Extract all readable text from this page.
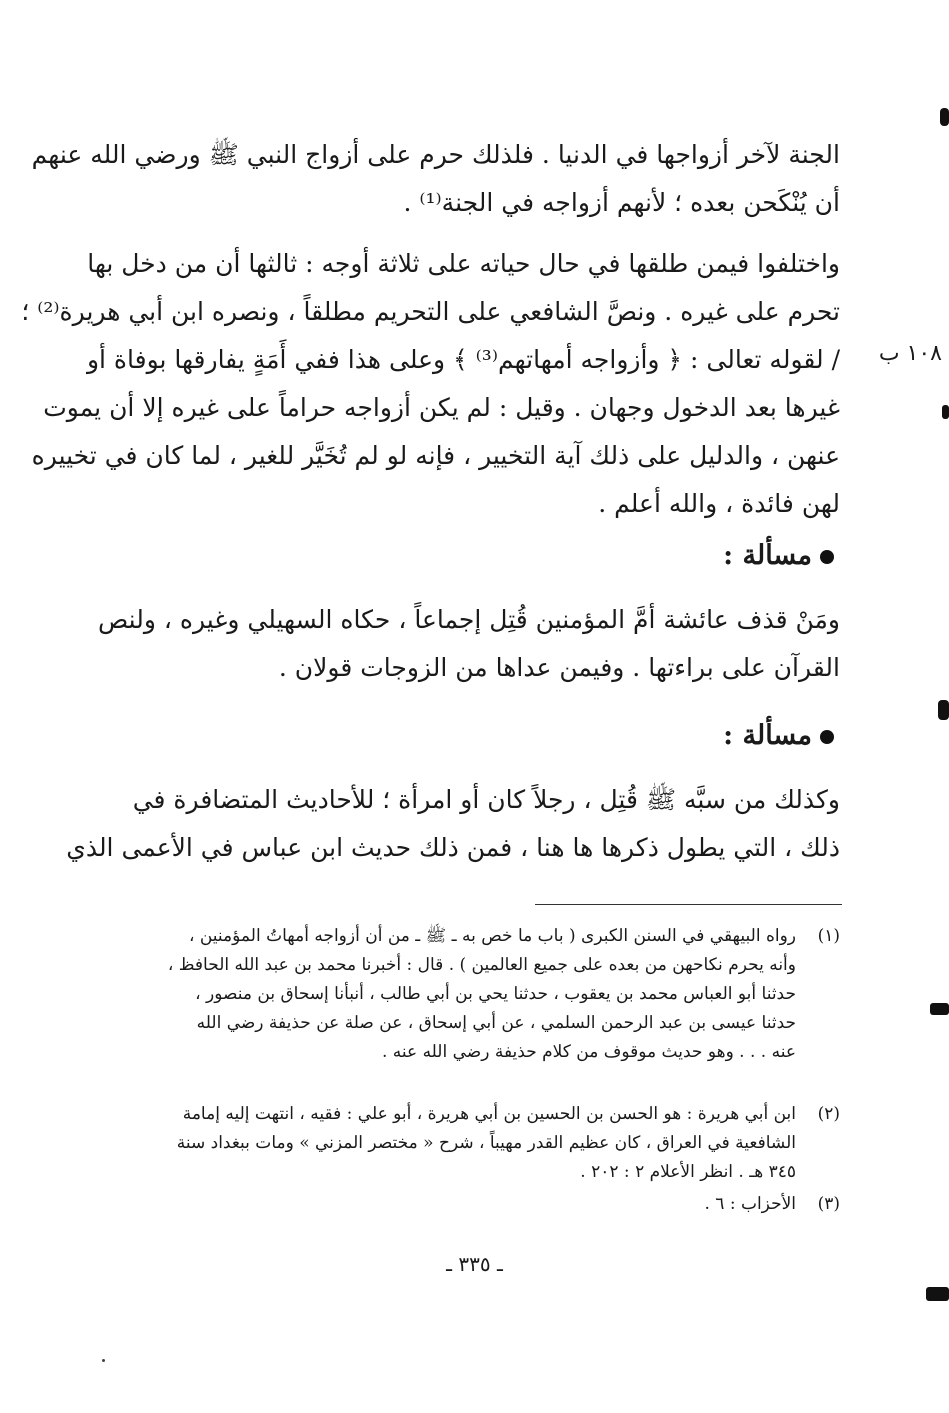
الجنة لآخر أزواجها في الدنيا . فلذلك حرم على أزواج النبي ﷺ ورضي الله عنهم
أن يُنْكَحن بعده ؛ لأنهم أزواجه في الجنة⁽¹⁾ .
واختلفوا فيمن طلقها في حال حياته على ثلاثة أوجه : ثالثها أن من دخل بها
تحرم على غيره . ونصَّ الشافعي على التحريم مطلقاً ، ونصره ابن أبي هريرة⁽²⁾ ؛
/ لقوله تعالى : ﴿ وأزواجه أمهاتهم⁽³⁾ ﴾ وعلى هذا ففي أَمَةٍ يفارقها بوفاة أو
غيرها بعد الدخول وجهان . وقيل : لم يكن أزواجه حراماً على غيره إلا أن يموت
عنهن ، والدليل على ذلك آية التخيير ، فإنه لو لم تُخَيَّر للغير ، لما كان في تخييره
لهن فائدة ، والله أعلم .
١٠٨ ب
مسألة :
ومَنْ قذف عائشة أمَّ المؤمنين قُتِل إجماعاً ، حكاه السهيلي وغيره ، ولنص
القرآن على براءتها . وفيمن عداها من الزوجات قولان .
مسألة :
وكذلك من سبَّه ﷺ قُتِل ، رجلاً كان أو امرأة ؛ للأحاديث المتضافرة في
ذلك ، التي يطول ذكرها ها هنا ، فمن ذلك حديث ابن عباس في الأعمى الذي
(١)
رواه البيهقي في السنن الكبرى ( باب ما خص به ـ ﷺ ـ من أن أزواجه أمهاتُ المؤمنين ،
وأنه يحرم نكاحهن من بعده على جميع العالمين ) . قال : أخبرنا محمد بن عبد الله الحافظ ،
حدثنا أبو العباس محمد بن يعقوب ، حدثنا يحي بن أبي طالب ، أنبأنا إسحاق بن منصور ،
حدثنا عيسى بن عبد الرحمن السلمي ، عن أبي إسحاق ، عن صلة عن حذيفة رضي الله
عنه . . . وهو حديث موقوف من كلام حذيفة رضي الله عنه .
(٢)
ابن أبي هريرة : هو الحسن بن الحسين بن أبي هريرة ، أبو علي : فقيه ، انتهت إليه إمامة
الشافعية في العراق ، كان عظيم القدر مهيباً ، شرح « مختصر المزني » ومات ببغداد سنة
٣٤٥ هـ . انظر الأعلام ٢ : ٢٠٢ .
(٣)
الأحزاب : ٦ .
ـ ٣٣٥ ـ
